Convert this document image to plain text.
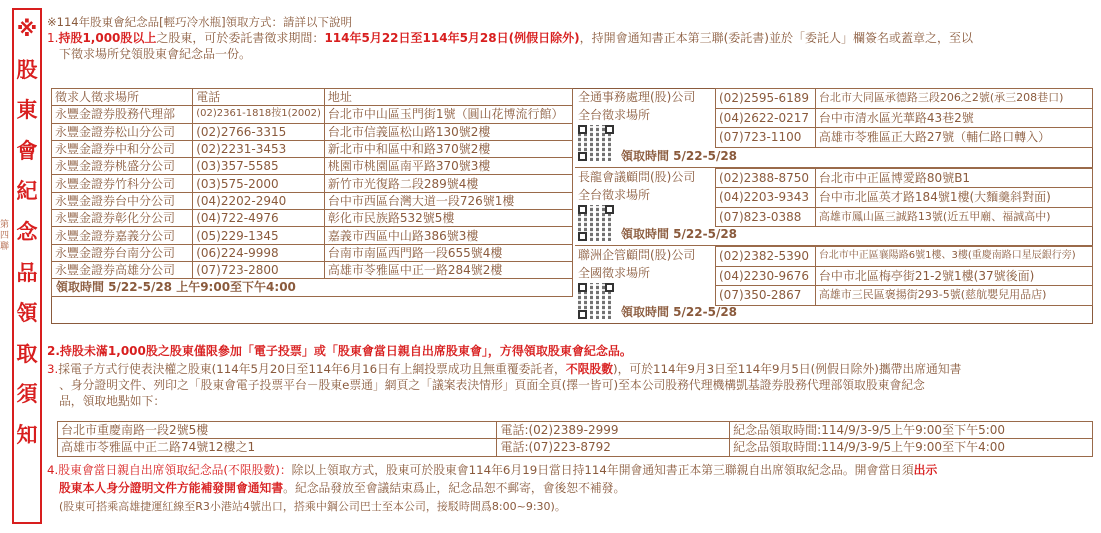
※
股
東
會
紀
念
品
領
取
須
知
第四聯
※114年股東會紀念品[輕巧冷水瓶]領取方式：請詳以下說明
1.持股1,000股以上之股東，可於委託書徵求期間：114年5月22日至114年5月28日(例假日除外)，持開會通知書正本第三聯(委託書)並於「委託人」欄簽名或蓋章之，至以
下徵求場所兌領股東會紀念品一份。
徵求人徵求場所	電話	地址
永豐金證券股務代理部	(02)2361-1818按1(2002)	台北市中山區玉門街1號（圓山花博流行館）
永豐金證券松山分公司	(02)2766-3315	台北市信義區松山路130號2樓
永豐金證券中和分公司	(02)2231-3453	新北市中和區中和路370號2樓
永豐金證券桃盛分公司	(03)357-5585	桃園市桃園區南平路370號3樓
永豐金證券竹科分公司	(03)575-2000	新竹市光復路二段289號4樓
永豐金證券台中分公司	(04)2202-2940	台中市西區台灣大道一段726號1樓
永豐金證券彰化分公司	(04)722-4976	彰化市民族路532號5樓
永豐金證券嘉義分公司	(05)229-1345	嘉義市西區中山路386號3樓
永豐金證券台南分公司	(06)224-9998	台南市南區西門路一段655號4樓
永豐金證券高雄分公司	(07)723-2800	高雄市苓雅區中正一路284號2樓
領取時間 5/22-5/28 上午9:00至下午4:00		
全通事務處理(股)公司
全台徵求場所
領取時間 5/22-5/28
(02)2595-6189	台北市大同區承德路三段206之2號(承三208巷口)
(04)2622-0217	台中市清水區光華路43巷2號
(07)723-1100	高雄市苓雅區正大路27號（輔仁路口轉入）
長龍會議顧問(股)公司
全台徵求場所
領取時間 5/22-5/28
(02)2388-8750	台北市中正區博愛路80號B1
(04)2203-9343	台中市北區英才路184號1樓(大麵羹斜對面)
(07)823-0388	高雄市鳳山區三誠路13號(近五甲廟、福誠高中)
聯洲企管顧問(股)公司
全國徵求場所
領取時間 5/22-5/28
(02)2382-5390	台北市中正區襄陽路6號1樓、3樓(重慶南路口星辰銀行旁)
(04)2230-9676	台中市北區梅亭街21-2號1樓(37號後面)
(07)350-2867	高雄市三民區褒揚街293-5號(慈航嬰兒用品店)
2.持股未滿1,000股之股東僅限參加「電子投票」或「股東會當日親自出席股東會」，方得領取股東會紀念品。
3.採電子方式行使表決權之股東(114年5月20日至114年6月16日有上網投票成功且無重覆委託者，不限股數)，可於114年9月3日至114年9月5日(例假日除外)攜帶出席通知書
、身分證明文件、列印之「股東會電子投票平台－股東e票通」網頁之「議案表決情形」頁面全頁(擇一皆可)至本公司股務代理機構凱基證券股務代理部領取股東會紀念
品，領取地點如下：
台北市重慶南路一段2號5樓	電話:(02)2389-2999	紀念品領取時間:114/9/3-9/5上午9:00至下午5:00
高雄市苓雅區中正二路74號12樓之1	電話:(07)223-8792	紀念品領取時間:114/9/3-9/5上午9:00至下午4:00
4.股東會當日親自出席領取紀念品(不限股數)：除以上領取方式，股東可於股東會114年6月19日當日持114年開會通知書正本第三聯親自出席領取紀念品。開會當日須出示
股東本人身分證明文件方能補發開會通知書。紀念品發放至會議結束爲止，紀念品恕不郵寄，會後恕不補發。
(股東可搭乘高雄捷運紅線至R3小港站4號出口，搭乘中鋼公司巴士至本公司，接駁時間爲8:00~9:30)。
